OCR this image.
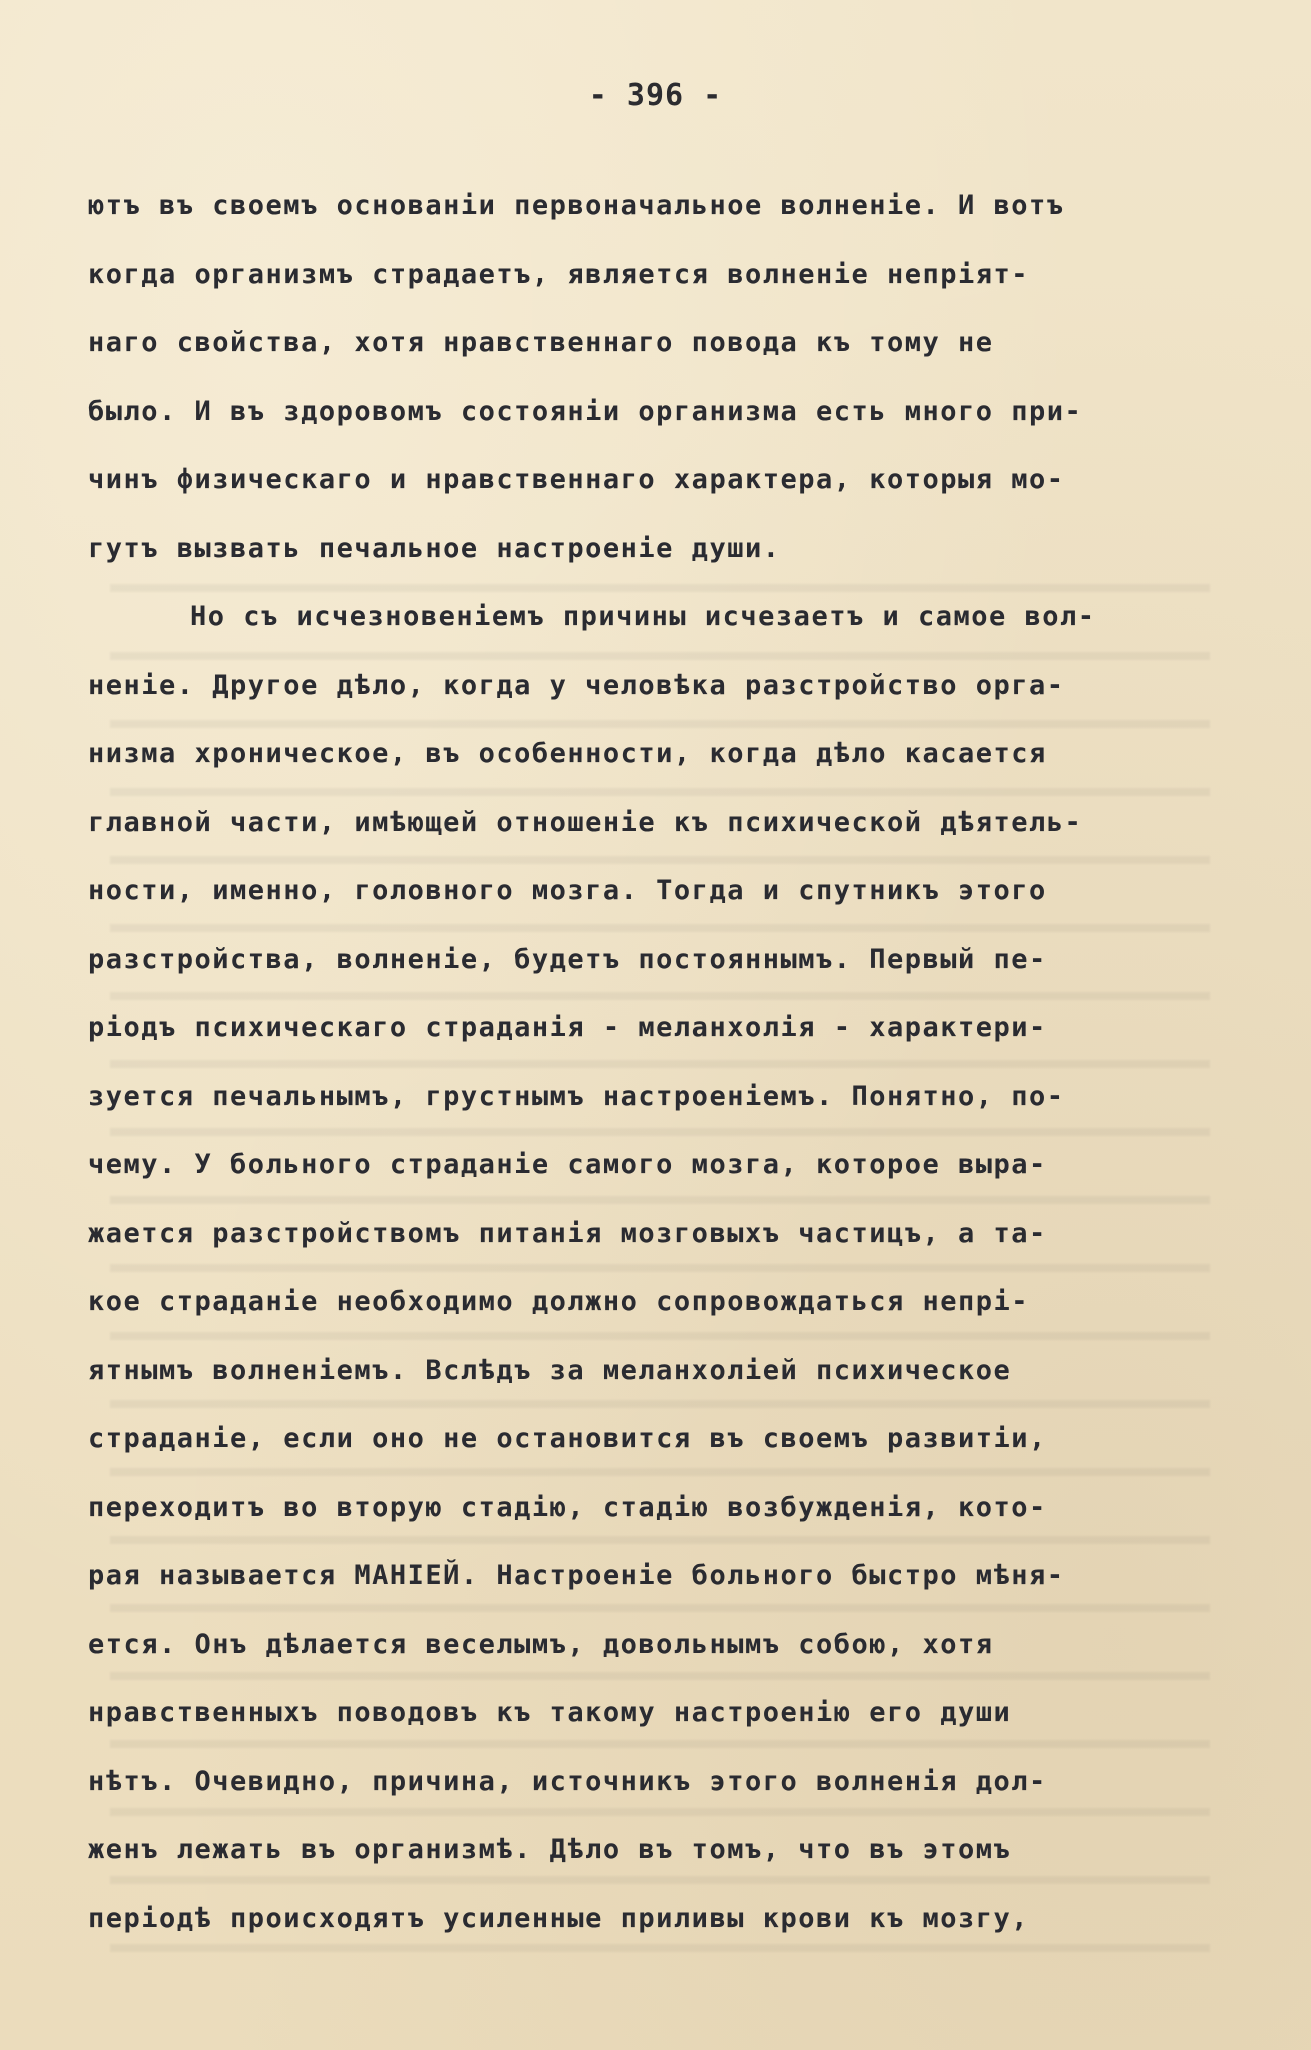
- 396 -
ютъ въ своемъ основанiи первоначальное волненiе. И вотъ
когда организмъ страдаетъ, является волненiе непрiят-
наго свойства, хотя нравственнаго повода къ тому не
было. И въ здоровомъ состоянiи организма есть много при-
чинъ физическаго и нравственнаго характера, которыя мо-
гутъ вызвать печальное настроенiе души.
Но съ исчезновенiемъ причины исчезаетъ и самое вол-
ненiе. Другое дѣло, когда у человѣка разстройство орга-
низма хроническое, въ особенности, когда дѣло касается
главной части, имѣющей отношенiе къ психической дѣятель-
ности, именно, головного мозга. Тогда и спутникъ этого
разстройства, волненiе, будетъ постояннымъ. Первый пе-
рiодъ психическаго страданiя - меланхолiя - характери-
зуется печальнымъ, грустнымъ настроенiемъ. Понятно, по-
чему. У больного страданiе самого мозга, которое выра-
жается разстройствомъ питанiя мозговыхъ частицъ, а та-
кое страданiе необходимо должно сопровождаться непрi-
ятнымъ волненiемъ. Вслѣдъ за меланхолiей психическое
страданiе, если оно не остановится въ своемъ развитiи,
переходитъ во вторую стадiю, стадiю возбужденiя, кото-
рая называется МАНIЕЙ. Настроенiе больного быстро мѣня-
ется. Онъ дѣлается веселымъ, довольнымъ собою, хотя
нравственныхъ поводовъ къ такому настроенiю его души
нѣтъ. Очевидно, причина, источникъ этого волненiя дол-
женъ лежать въ организмѣ. Дѣло въ томъ, что въ этомъ
перiодѣ происходятъ усиленные приливы крови къ мозгу,
